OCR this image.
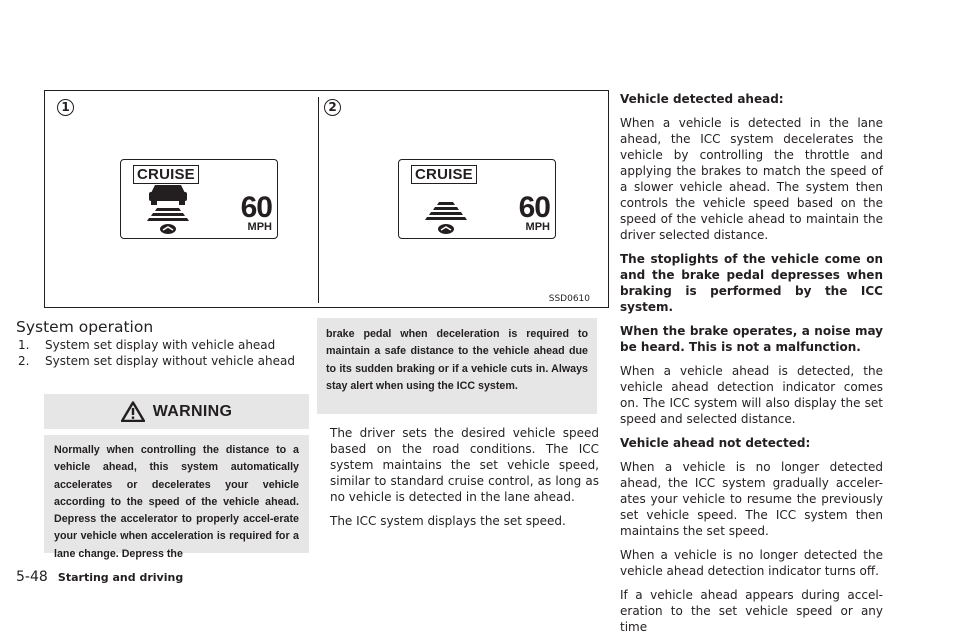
1	2
CRUISE
60
MPH
CRUISE
60
MPH
SSD0610
System operation
1. System set display with vehicle ahead
2. System set display without vehicle ahead
WARNING
Normally when controlling the distance to a vehicle ahead, this system automatically accelerates or decelerates your vehicle according to the speed of the vehicle ahead. Depress the accelerator to properly accel-erate your vehicle when acceleration is required for a lane change. Depress the
brake pedal when deceleration is required to maintain a safe distance to the vehicle ahead due to its sudden braking or if a vehicle cuts in. Always stay alert when using the ICC system.

The driver sets the desired vehicle speed based on the road conditions. The ICC system maintains the set vehicle speed, similar to standard cruise control, as long as no vehicle is detected in the lane ahead.

The ICC system displays the set speed.

Vehicle detected ahead:

When a vehicle is detected in the lane ahead, the ICC system decelerates the vehicle by controlling the throttle and applying the brakes to match the speed of a slower vehicle ahead. The system then controls the vehicle speed based on the speed of the vehicle ahead to maintain the driver selected distance.

The stoplights of the vehicle come on and the brake pedal depresses when braking is performed by the ICC system.

When the brake operates, a noise may be heard. This is not a malfunction.

When a vehicle ahead is detected, the vehicle ahead detection indicator comes on. The ICC system will also display the set speed and selected distance.

Vehicle ahead not detected:

When a vehicle is no longer detected ahead, the ICC system gradually acceler-ates your vehicle to resume the previously set vehicle speed. The ICC system then maintains the set speed.

When a vehicle is no longer detected the vehicle ahead detection indicator turns off.

If a vehicle ahead appears during accel-eration to the set vehicle speed or any time

5-48 Starting and driving
